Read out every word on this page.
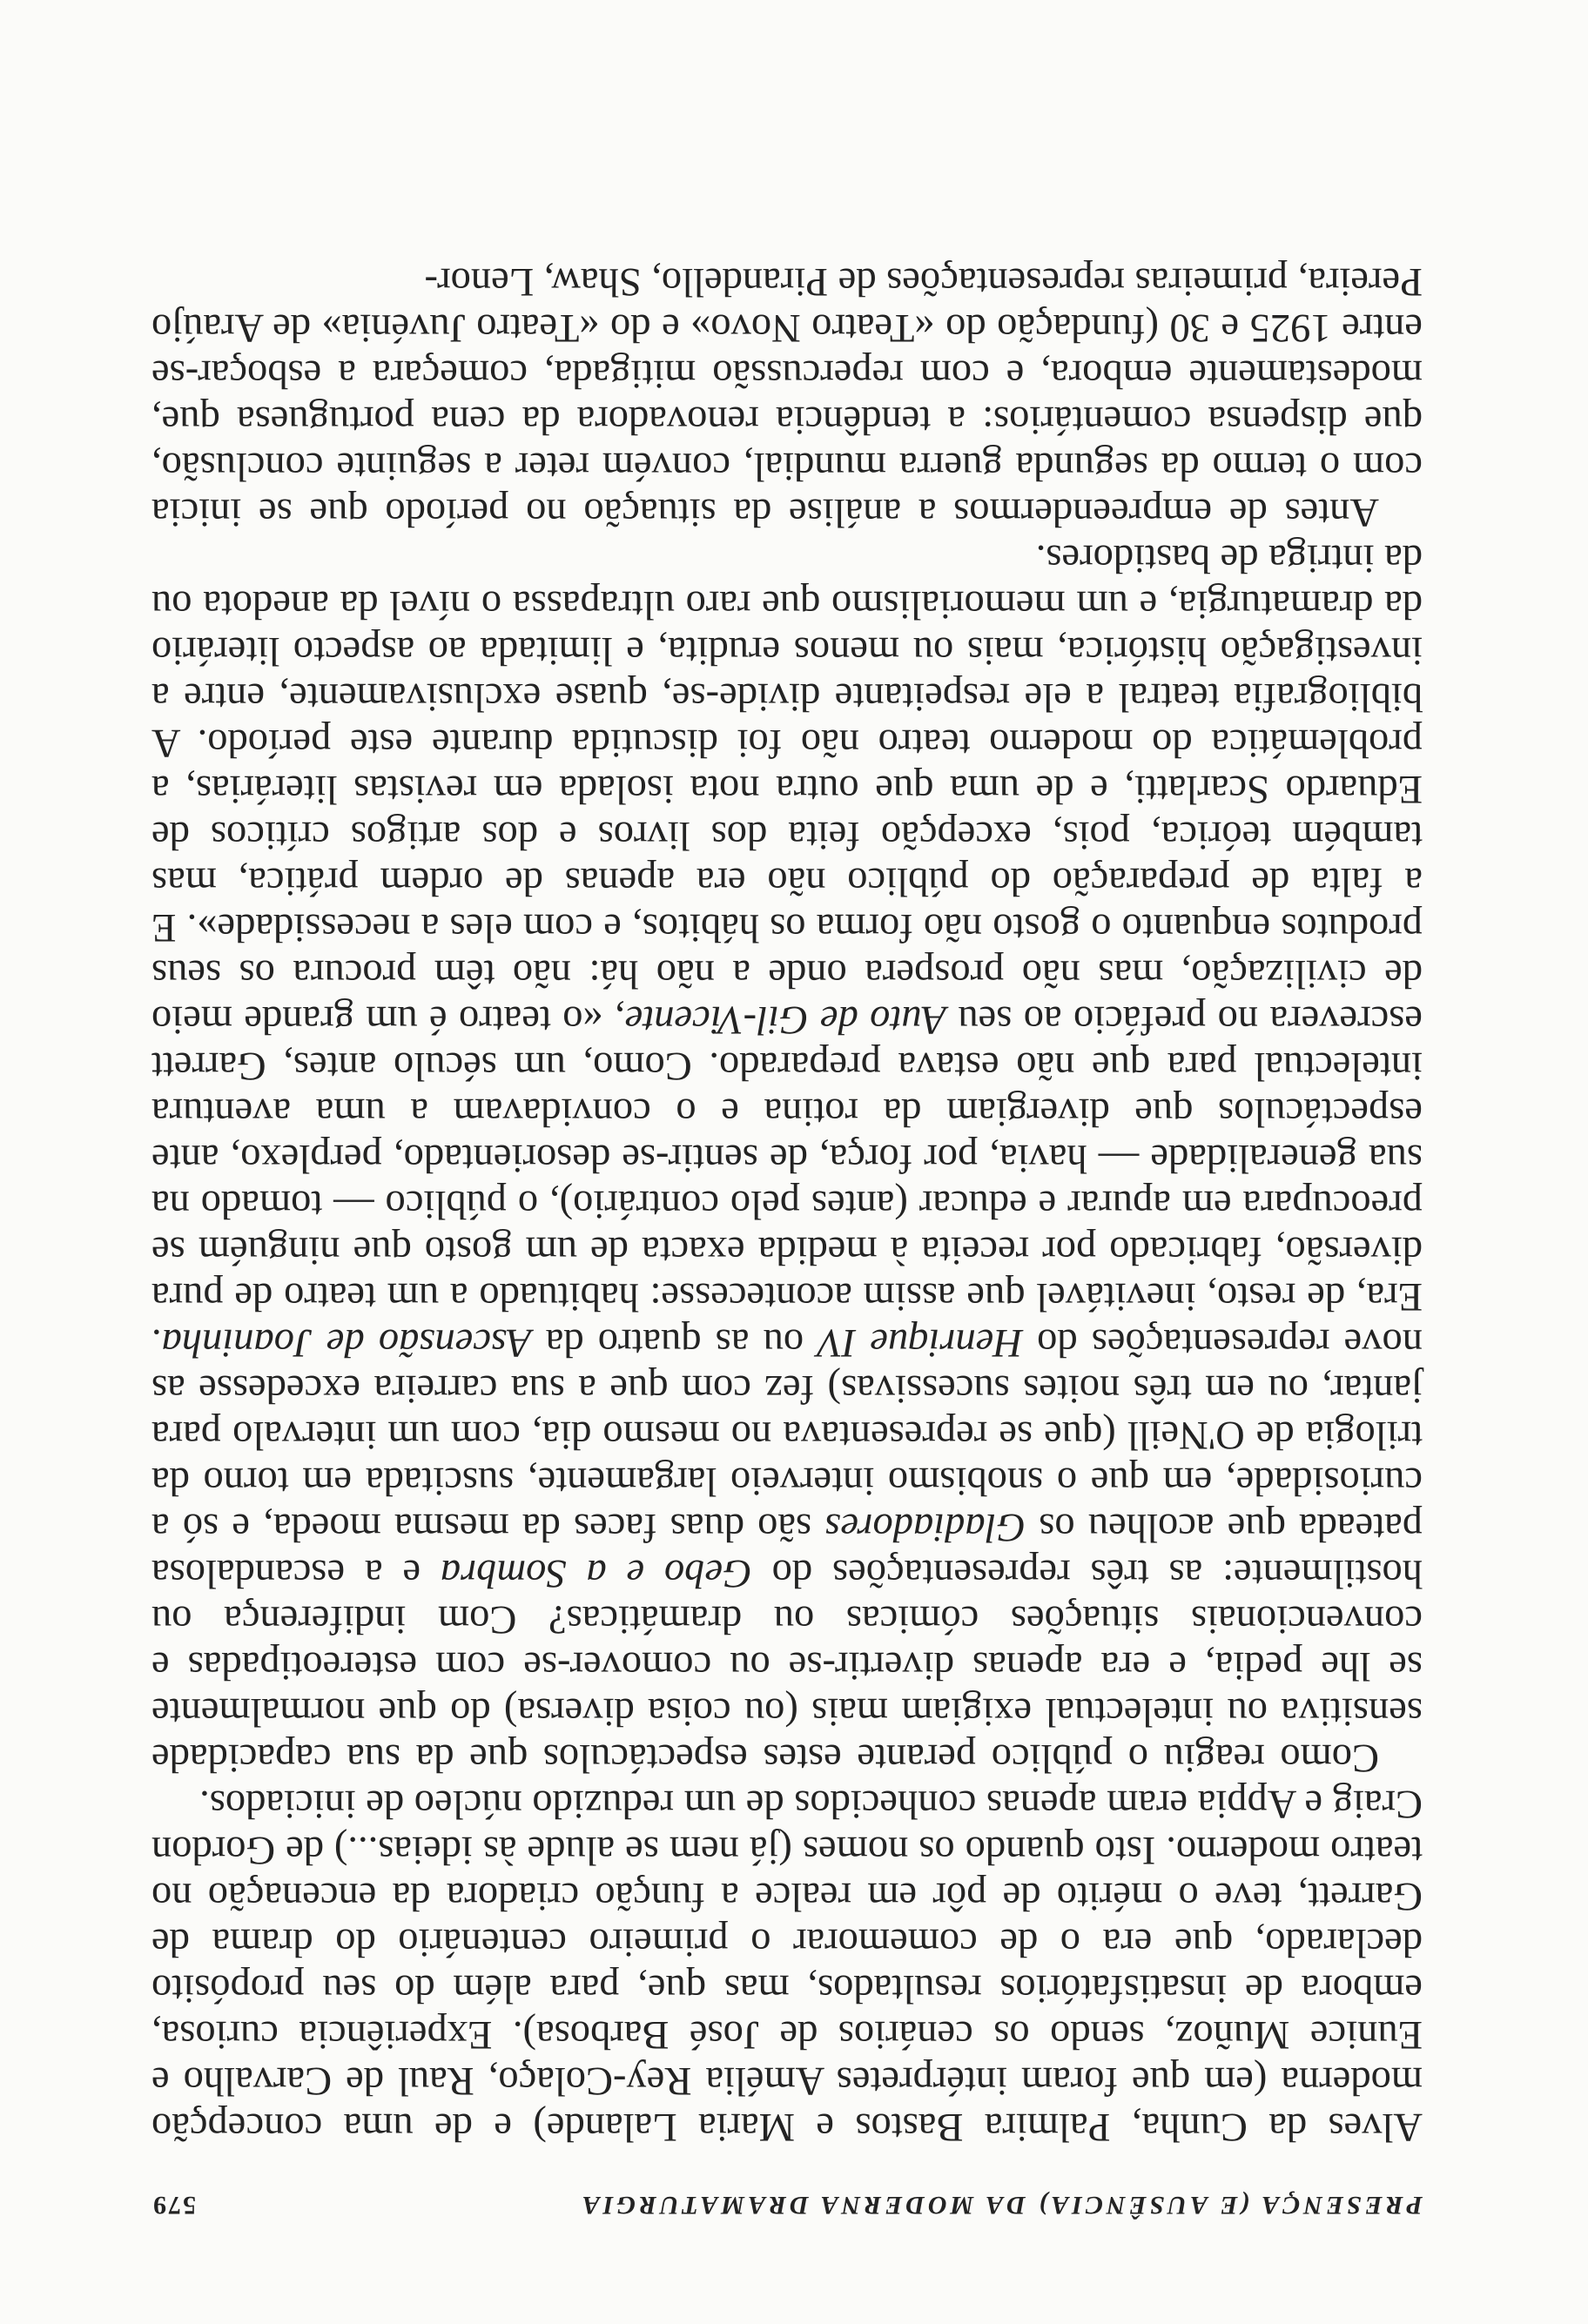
PRESENÇA (E AUSÊNCIA) DA MODERNA DRAMATURGIA
579

Alves da Cunha, Palmira Bastos e Maria Lalande) e de uma concepção moderna (em que foram intérpretes Amélia Rey-Colaço, Raul de Carvalho e Eunice Muñoz, sendo os cenários de José Barbosa). Experiência curiosa, embora de insatisfatórios resultados, mas que, para além do seu propósito declarado, que era o de comemorar o primeiro centenário do drama de Garrett, teve o mérito de pôr em realce a função criadora da encenação no teatro moderno. Isto quando os nomes (já nem se alude às ideias...) de Gordon Craig e Appia eram apenas conhecidos de um reduzido núcleo de iniciados.

Como reagiu o público perante estes espectáculos que da sua capacidade sensitiva ou intelectual exigiam mais (ou coisa diversa) do que normalmente se lhe pedia, e era apenas divertir-se ou comover-se com estereotipadas e convencionais situações cómicas ou dramáticas? Com indiferença ou hostilmente: as três representações do Gebo e a Sombra e a escandalosa pateada que acolheu os Gladiadores são duas faces da mesma moeda, e só a curiosidade, em que o snobismo interveio largamente, suscitada em torno da trilogia de O'Neill (que se representava no mesmo dia, com um intervalo para jantar, ou em três noites sucessivas) fez com que a sua carreira excedesse as nove representações do Henrique IV ou as quatro da Ascensão de Joaninha. Era, de resto, inevitável que assim acontecesse: habituado a um teatro de pura diversão, fabricado por receita à medida exacta de um gosto que ninguém se preocupara em apurar e educar (antes pelo contrário), o público — tomado na sua generalidade — havia, por força, de sentir-se desorientado, perplexo, ante espectáculos que divergiam da rotina e o convidavam a uma aventura intelectual para que não estava preparado. Como, um século antes, Garrett escrevera no prefácio ao seu Auto de Gil-Vicente, «o teatro é um grande meio de civilização, mas não prospera onde a não há: não têm procura os seus produtos enquanto o gosto não forma os hábitos, e com eles a necessidade». E a falta de preparação do público não era apenas de ordem prática, mas também teórica, pois, excepção feita dos livros e dos artigos críticos de Eduardo Scarlatti, e de uma que outra nota isolada em revistas literárias, a problemática do moderno teatro não foi discutida durante este período. A bibliografia teatral a ele respeitante divide-se, quase exclusivamente, entre a investigação histórica, mais ou menos erudita, e limitada ao aspecto literário da dramaturgia, e um memorialismo que raro ultrapassa o nível da anedota ou da intriga de bastidores.

Antes de empreendermos a análise da situação no período que se inicia com o termo da segunda guerra mundial, convém reter a seguinte conclusão, que dispensa comentários: a tendência renovadora da cena portuguesa que, modestamente embora, e com repercussão mitigada, começara a esboçar-se entre 1925 e 30 (fundação do «Teatro Novo» e do «Teatro Juvénia» de Araújo Pereira, primeiras representações de Pirandello, Shaw, Lenor-
